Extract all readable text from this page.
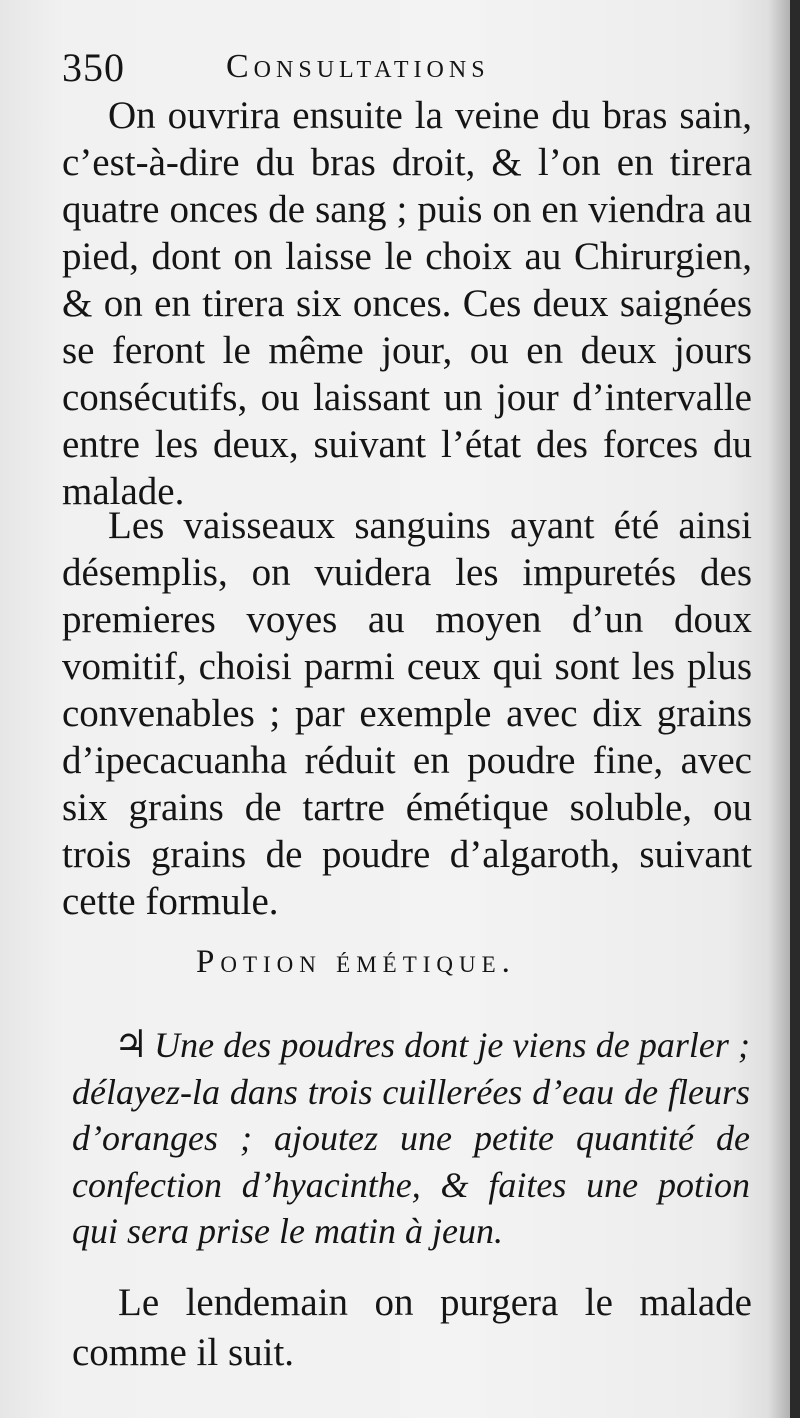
350	Consultations
On ouvrira ensuite la veine du bras sain, c’est-à-dire du bras droit, & l’on en tirera quatre onces de sang ; puis on en viendra au pied, dont on laisse le choix au Chirurgien, & on en tirera six onces. Ces deux saignées se feront le même jour, ou en deux jours consécutifs, ou laissant un jour d’intervalle entre les deux, suivant l’état des forces du malade.
Les vaisseaux sanguins ayant été ainsi désemplis, on vuidera les impuretés des premieres voyes au moyen d’un doux vomitif, choisi parmi ceux qui sont les plus convenables ; par exemple avec dix grains d’ipecacuanha réduit en poudre fine, avec six grains de tartre émétique soluble, ou trois grains de poudre d’algaroth, suivant cette formule.
Potion émétique.
♃ Une des poudres dont je viens de parler ; délayez-la dans trois cuillerées d’eau de fleurs d’oranges ; ajoutez une petite quantité de confection d’hyacinthe, & faites une potion qui sera prise le matin à jeun.
Le lendemain on purgera le malade comme il suit.
